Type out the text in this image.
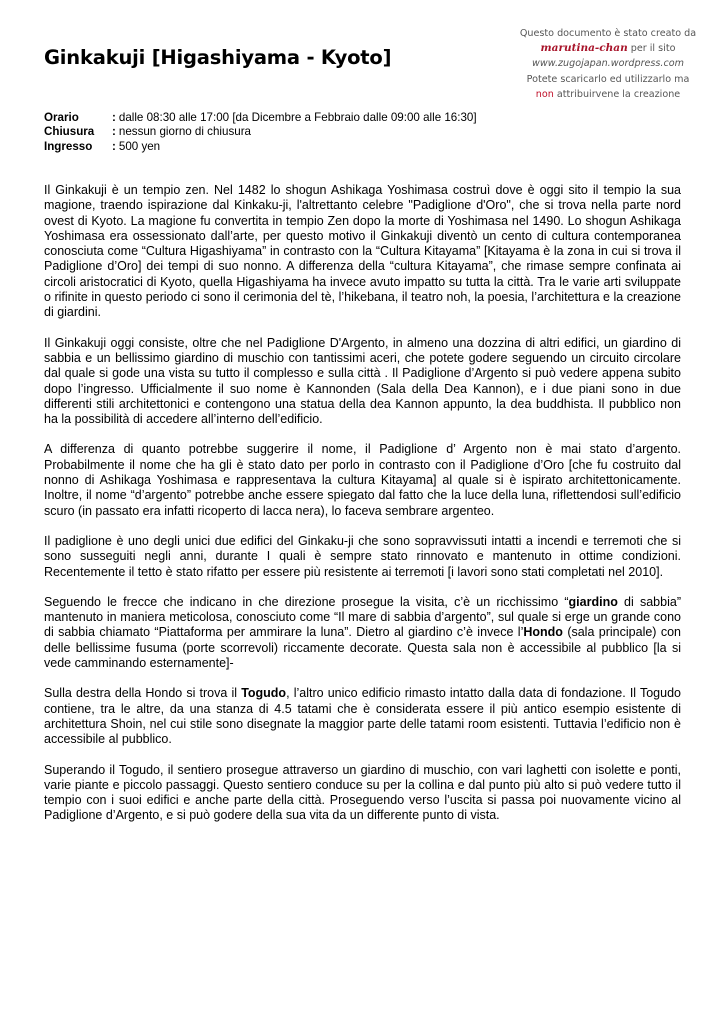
Ginkakuji [Higashiyama - Kyoto]
Questo documento è stato creato da
marutina-chan per il sito
www.zugojapan.wordpress.com
Potete scaricarlo ed utilizzarlo ma
non attribuirvene la creazione
Orario	: dalle 08:30 alle 17:00 [da Dicembre a Febbraio dalle 09:00 alle 16:30]
Chiusura	: nessun giorno di chiusura
Ingresso	: 500 yen

Il Ginkakuji è un tempio zen. Nel 1482 lo shogun Ashikaga Yoshimasa costruì dove è oggi sito il tempio la sua magione, traendo ispirazione dal Kinkaku-ji, l'altrettanto celebre "Padiglione d'Oro", che si trova nella parte nord ovest di Kyoto. La magione fu convertita in tempio Zen dopo la morte di Yoshimasa nel 1490. Lo shogun Ashikaga Yoshimasa era ossessionato dall’arte, per questo motivo il Ginkakuji diventò un cento di cultura contemporanea conosciuta come “Cultura Higashiyama” in contrasto con la “Cultura Kitayama” [Kitayama è la zona in cui si trova il Padiglione d’Oro] dei tempi di suo nonno. A differenza della “cultura Kitayama”, che rimase sempre confinata ai circoli aristocratici di Kyoto, quella Higashiyama ha invece avuto impatto su tutta la città. Tra le varie arti sviluppate o rifinite in questo periodo ci sono il cerimonia del tè, l’hikebana, il teatro noh, la poesia, l’architettura e la creazione di giardini.

Il Ginkakuji oggi consiste, oltre che nel Padiglione D'Argento, in almeno una dozzina di altri edifici, un giardino di sabbia e un bellissimo giardino di muschio con tantissimi aceri, che potete godere seguendo un circuito circolare dal quale si gode una vista su tutto il complesso e sulla città . Il Padiglione d’Argento si può vedere appena subito dopo l’ingresso. Ufficialmente il suo nome è Kannonden (Sala della Dea Kannon), e i due piani sono in due differenti stili architettonici e contengono una statua della dea Kannon appunto, la dea buddhista. Il pubblico non ha la possibilità di accedere all’interno dell’edificio.

A differenza di quanto potrebbe suggerire il nome, il Padiglione d’ Argento non è mai stato d’argento. Probabilmente il nome che ha gli è stato dato per porlo in contrasto con il Padiglione d’Oro [che fu costruito dal nonno di Ashikaga Yoshimasa e rappresentava la cultura Kitayama] al quale si è ispirato architettonicamente. Inoltre, il nome “d’argento” potrebbe anche essere spiegato dal fatto che la luce della luna, riflettendosi sull’edificio scuro (in passato era infatti ricoperto di lacca nera), lo faceva sembrare argenteo.

Il padiglione è uno degli unici due edifici del Ginkaku-ji che sono sopravvissuti intatti a incendi e terremoti che si sono susseguiti negli anni, durante I quali è sempre stato rinnovato e mantenuto in ottime condizioni. Recentemente il tetto è stato rifatto per essere più resistente ai terremoti [i lavori sono stati completati nel 2010].

Seguendo le frecce che indicano in che direzione prosegue la visita, c’è un ricchissimo “giardino di sabbia” mantenuto in maniera meticolosa, conosciuto come “Il mare di sabbia d’argento”, sul quale si erge un grande cono di sabbia chiamato “Piattaforma per ammirare la luna”. Dietro al giardino c’è invece l’Hondo (sala principale) con delle bellissime fusuma (porte scorrevoli) riccamente decorate. Questa sala non è accessibile al pubblico [la si vede camminando esternamente]-

Sulla destra della Hondo si trova il Togudo, l’altro unico edificio rimasto intatto dalla data di fondazione. Il Togudo contiene, tra le altre, da una stanza di 4.5 tatami che è considerata essere il più antico esempio esistente di architettura Shoin, nel cui stile sono disegnate la maggior parte delle tatami room esistenti. Tuttavia l’edificio non è accessibile al pubblico.

Superando il Togudo, il sentiero prosegue attraverso un giardino di muschio, con vari laghetti con isolette e ponti, varie piante e piccolo passaggi. Questo sentiero conduce su per la collina e dal punto più alto si può vedere tutto il tempio con i suoi edifici e anche parte della città. Proseguendo verso l’uscita si passa poi nuovamente vicino al Padiglione d’Argento, e si può godere della sua vita da un differente punto di vista.
